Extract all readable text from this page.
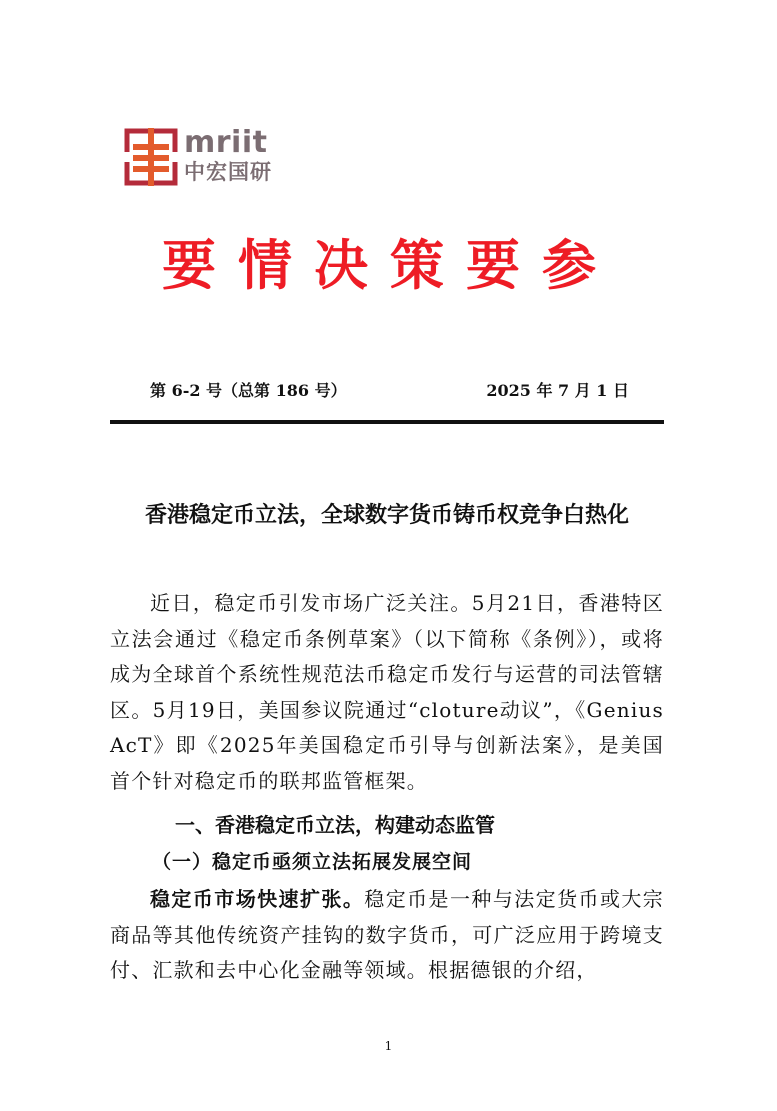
mriit
中宏国研
要情决策要参
第 6-2 号（总第 186 号）	2025 年 7 月 1 日
香港稳定币立法，全球数字货币铸币权竞争白热化

近日，稳定币引发市场广泛关注。5月21日，香港特区立法会通过《稳定币条例草案》（以下简称《条例》），或将成为全球首个系统性规范法币稳定币发行与运营的司法管辖区。5月19日，美国参议院通过“cloture动议”，《Genius AcT》即《2025年美国稳定币引导与创新法案》，是美国首个针对稳定币的联邦监管框架。

一、香港稳定币立法，构建动态监管
（一）稳定币亟须立法拓展发展空间

稳定币市场快速扩张。稳定币是一种与法定货币或大宗商品等其他传统资产挂钩的数字货币，可广泛应用于跨境支付、汇款和去中心化金融等领域。根据德银的介绍，

1
